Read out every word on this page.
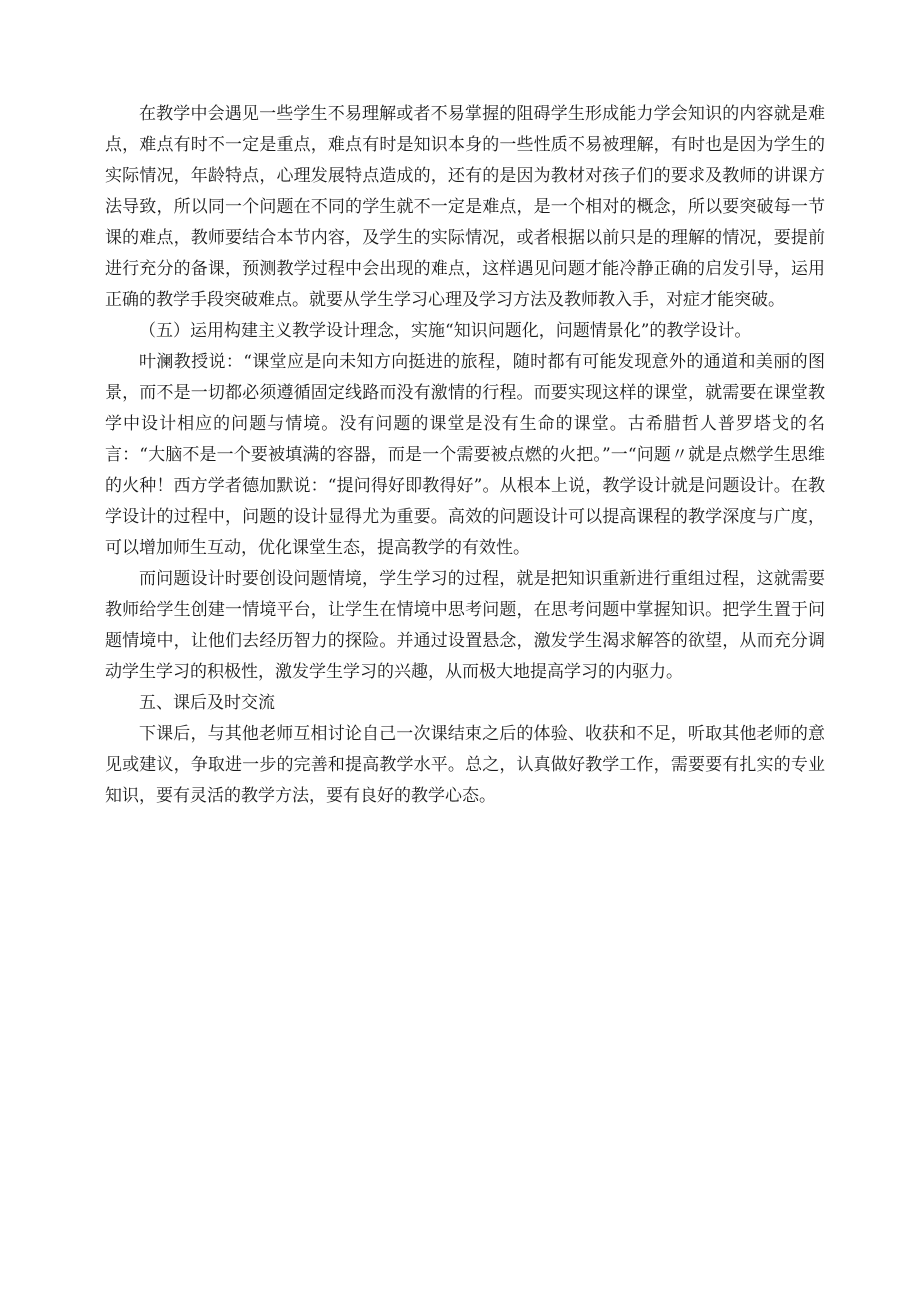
在教学中会遇见一些学生不易理解或者不易掌握的阻碍学生形成能力学会知识的内容就是难点，难点有时不一定是重点，难点有时是知识本身的一些性质不易被理解，有时也是因为学生的实际情况，年龄特点，心理发展特点造成的，还有的是因为教材对孩子们的要求及教师的讲课方法导致，所以同一个问题在不同的学生就不一定是难点，是一个相对的概念，所以要突破每一节课的难点，教师要结合本节内容，及学生的实际情况，或者根据以前只是的理解的情况，要提前进行充分的备课，预测教学过程中会出现的难点，这样遇见问题才能冷静正确的启发引导，运用正确的教学手段突破难点。就要从学生学习心理及学习方法及教师教入手，对症才能突破。

（五）运用构建主义教学设计理念，实施“知识问题化，问题情景化”的教学设计。

叶澜教授说：“课堂应是向未知方向挺进的旅程，随时都有可能发现意外的通道和美丽的图景，而不是一切都必须遵循固定线路而没有激情的行程。而要实现这样的课堂，就需要在课堂教学中设计相应的问题与情境。没有问题的课堂是没有生命的课堂。古希腊哲人普罗塔戈的名言：“大脑不是一个要被填满的容器，而是一个需要被点燃的火把。”一“问题〃就是点燃学生思维的火种！西方学者德加默说：“提问得好即教得好”。从根本上说，教学设计就是问题设计。在教学设计的过程中，问题的设计显得尤为重要。高效的问题设计可以提高课程的教学深度与广度，可以增加师生互动，优化课堂生态，提高教学的有效性。

而问题设计时要创设问题情境，学生学习的过程，就是把知识重新进行重组过程，这就需要教师给学生创建一情境平台，让学生在情境中思考问题，在思考问题中掌握知识。把学生置于问题情境中，让他们去经历智力的探险。并通过设置悬念，激发学生渴求解答的欲望，从而充分调动学生学习的积极性，激发学生学习的兴趣，从而极大地提高学习的内驱力。

五、课后及时交流

下课后，与其他老师互相讨论自己一次课结束之后的体验、收获和不足，听取其他老师的意见或建议，争取进一步的完善和提高教学水平。总之，认真做好教学工作，需要要有扎实的专业知识，要有灵活的教学方法，要有良好的教学心态。
